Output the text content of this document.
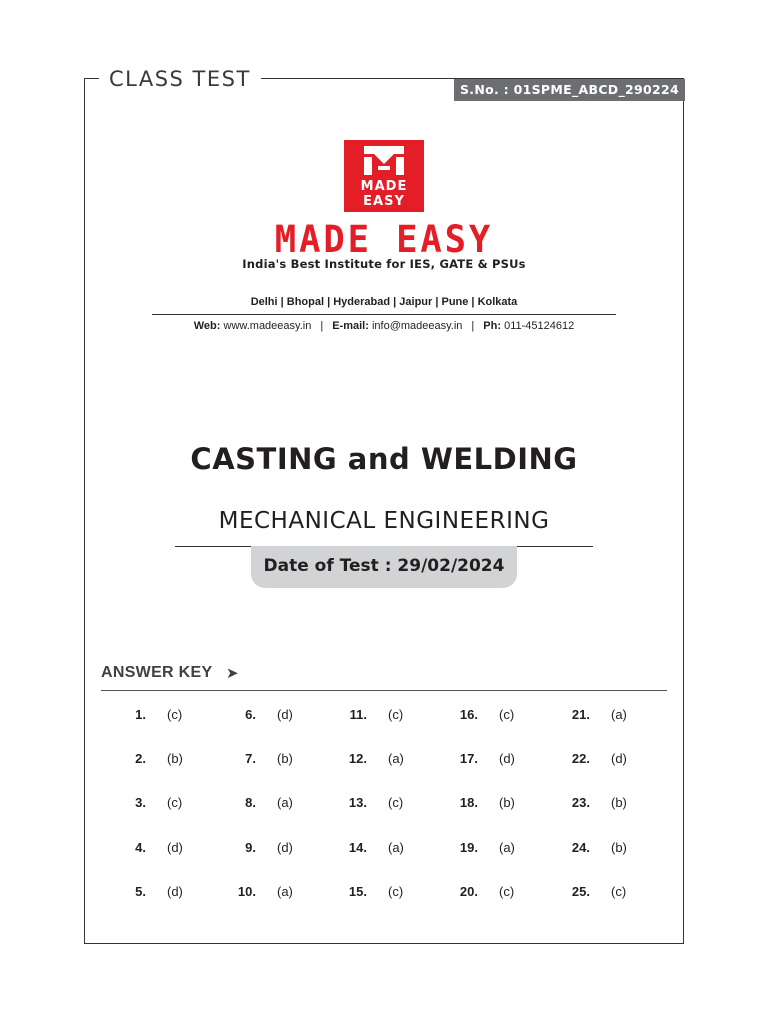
CLASS TEST	S.No. : 01SPME_ABCD_290224
MADE
EASY
MADE EASY
India's Best Institute for IES, GATE & PSUs
Delhi | Bhopal | Hyderabad | Jaipur | Pune | Kolkata
Web: www.madeeasy.in | E-mail: info@madeeasy.in | Ph: 011-45124612
CASTING and WELDING
MECHANICAL ENGINEERING
Date of Test : 29/02/2024
ANSWER KEY ➤
1. (c)
2. (b)
3. (c)
4. (d)
5. (d)
6. (d)
7. (b)
8. (a)
9. (d)
10. (a)
11. (c)
12. (a)
13. (c)
14. (a)
15. (c)
16. (c)
17. (d)
18. (b)
19. (a)
20. (c)
21. (a)
22. (d)
23. (b)
24. (b)
25. (c)
